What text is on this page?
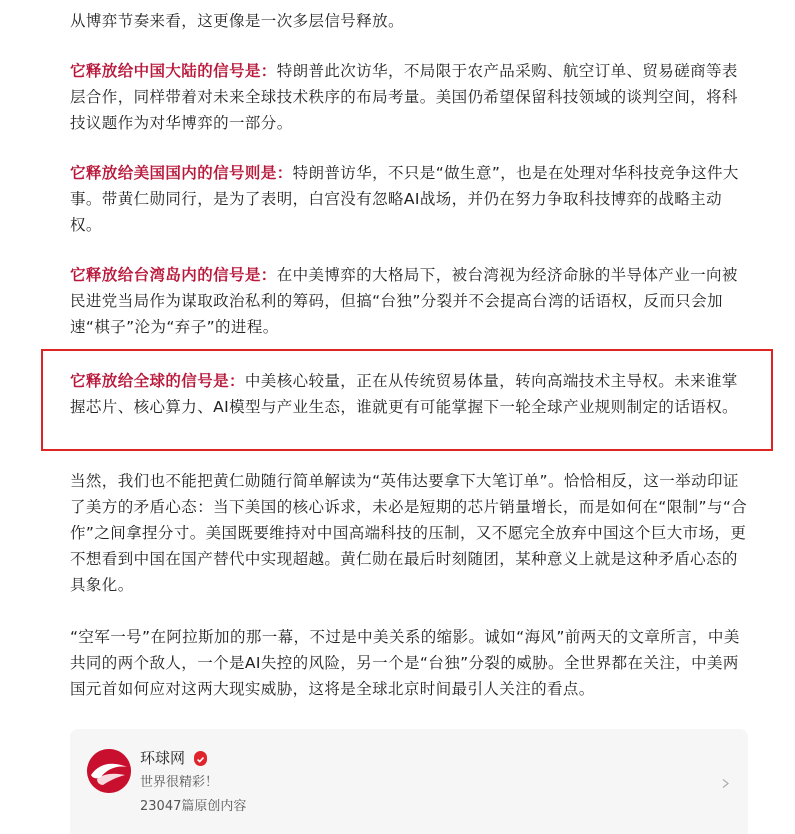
从博弈节奏来看，这更像是一次多层信号释放。

它释放给中国大陆的信号是：特朗普此次访华，不局限于农产品采购、航空订单、贸易磋商等表层合作，同样带着对未来全球技术秩序的布局考量。美国仍希望保留科技领域的谈判空间，将科技议题作为对华博弈的一部分。

它释放给美国国内的信号则是：特朗普访华，不只是“做生意”，也是在处理对华科技竞争这件大事。带黄仁勋同行，是为了表明，白宫没有忽略AI战场，并仍在努力争取科技博弈的战略主动权。

它释放给台湾岛内的信号是：在中美博弈的大格局下，被台湾视为经济命脉的半导体产业一向被民进党当局作为谋取政治私利的筹码，但搞“台独”分裂并不会提高台湾的话语权，反而只会加速“棋子”沦为“弃子”的进程。

它释放给全球的信号是：中美核心较量，正在从传统贸易体量，转向高端技术主导权。未来谁掌握芯片、核心算力、AI模型与产业生态，谁就更有可能掌握下一轮全球产业规则制定的话语权。

当然，我们也不能把黄仁勋随行简单解读为“英伟达要拿下大笔订单”。恰恰相反，这一举动印证了美方的矛盾心态：当下美国的核心诉求，未必是短期的芯片销量增长，而是如何在“限制”与“合作”之间拿捏分寸。美国既要维持对中国高端科技的压制，又不愿完全放弃中国这个巨大市场，更不想看到中国在国产替代中实现超越。黄仁勋在最后时刻随团，某种意义上就是这种矛盾心态的具象化。

“空军一号”在阿拉斯加的那一幕，不过是中美关系的缩影。诚如“海风”前两天的文章所言，中美共同的两个敌人，一个是AI失控的风险，另一个是“台独”分裂的威胁。全世界都在关注，中美两国元首如何应对这两大现实威胁，这将是全球北京时间最引人关注的看点。

环球网
世界很精彩！
23047篇原创内容
